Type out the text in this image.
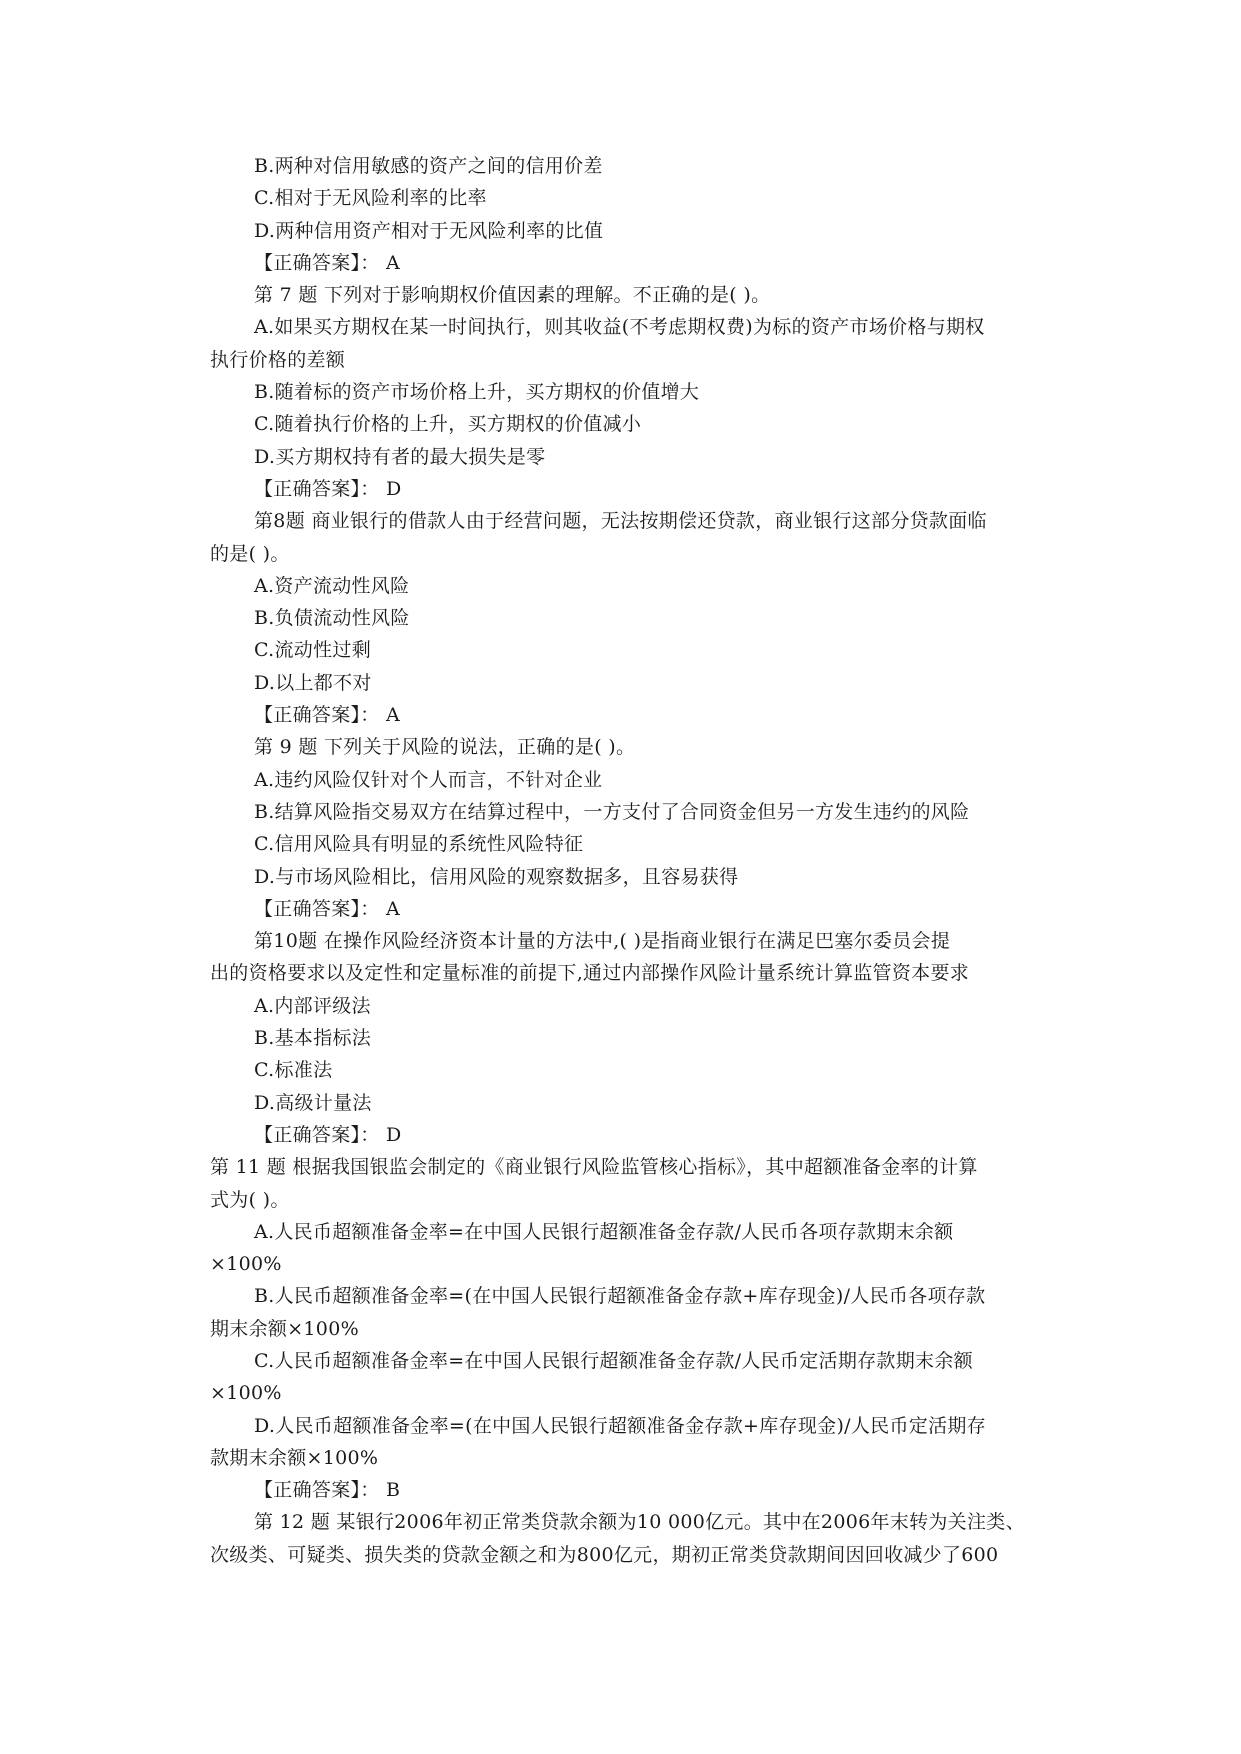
B.两种对信用敏感的资产之间的信用价差
C.相对于无风险利率的比率
D.两种信用资产相对于无风险利率的比值
【正确答案】： A
第 7 题 下列对于影响期权价值因素的理解。不正确的是( )。
A.如果买方期权在某一时间执行，则其收益(不考虑期权费)为标的资产市场价格与期权
执行价格的差额
B.随着标的资产市场价格上升，买方期权的价值增大
C.随着执行价格的上升，买方期权的价值减小
D.买方期权持有者的最大损失是零
【正确答案】： D
第8题 商业银行的借款人由于经营问题，无法按期偿还贷款，商业银行这部分贷款面临
的是( )。
A.资产流动性风险
B.负债流动性风险
C.流动性过剩
D.以上都不对
【正确答案】： A
第 9 题 下列关于风险的说法，正确的是( )。
A.违约风险仅针对个人而言，不针对企业
B.结算风险指交易双方在结算过程中，一方支付了合同资金但另一方发生违约的风险
C.信用风险具有明显的系统性风险特征
D.与市场风险相比，信用风险的观察数据多，且容易获得
【正确答案】： A
第10题 在操作风险经济资本计量的方法中,( )是指商业银行在满足巴塞尔委员会提
出的资格要求以及定性和定量标准的前提下,通过内部操作风险计量系统计算监管资本要求
A.内部评级法
B.基本指标法
C.标准法
D.高级计量法
【正确答案】： D
第 11 题 根据我国银监会制定的《商业银行风险监管核心指标》，其中超额准备金率的计算
式为( )。
A.人民币超额准备金率=在中国人民银行超额准备金存款/人民币各项存款期末余额
×100%
B.人民币超额准备金率=(在中国人民银行超额准备金存款+库存现金)/人民币各项存款
期末余额×100%
C.人民币超额准备金率=在中国人民银行超额准备金存款/人民币定活期存款期末余额
×100%
D.人民币超额准备金率=(在中国人民银行超额准备金存款+库存现金)/人民币定活期存
款期末余额×100%
【正确答案】： B
第 12 题 某银行2006年初正常类贷款余额为10 000亿元。其中在2006年末转为关注类、
次级类、可疑类、损失类的贷款金额之和为800亿元，期初正常类贷款期间因回收减少了600
